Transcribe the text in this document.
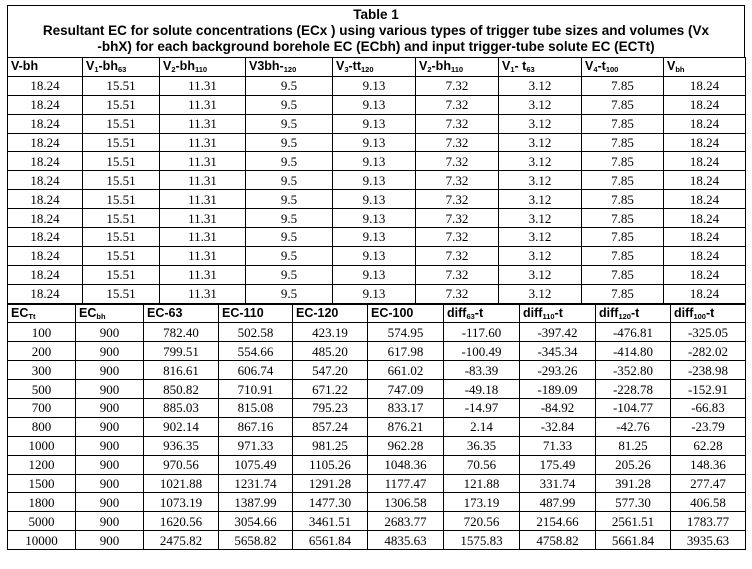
Table 1
Resultant EC for solute concentrations (ECx ) using various types of trigger tube sizes and volumes (Vx
-bhX) for each background borehole EC (ECbh) and input trigger-tube solute EC (ECTt)
V-bh	$V_1-bh_{63}$	$V_2-bh_{110}$	$V3bh-_{120}$	$V_3-tt_{120}$	$V_2-bh_{110}$	$V_1-$ $t_{63}$	$V_4-t_{100}$	$V_{bh}$
18.24	15.51	11.31	9.5	9.13	7.32	3.12	7.85	18.24
18.24	15.51	11.31	9.5	9.13	7.32	3.12	7.85	18.24
18.24	15.51	11.31	9.5	9.13	7.32	3.12	7.85	18.24
18.24	15.51	11.31	9.5	9.13	7.32	3.12	7.85	18.24
18.24	15.51	11.31	9.5	9.13	7.32	3.12	7.85	18.24
18.24	15.51	11.31	9.5	9.13	7.32	3.12	7.85	18.24
18.24	15.51	11.31	9.5	9.13	7.32	3.12	7.85	18.24
18.24	15.51	11.31	9.5	9.13	7.32	3.12	7.85	18.24
18.24	15.51	11.31	9.5	9.13	7.32	3.12	7.85	18.24
18.24	15.51	11.31	9.5	9.13	7.32	3.12	7.85	18.24
18.24	15.51	11.31	9.5	9.13	7.32	3.12	7.85	18.24
18.24	15.51	11.31	9.5	9.13	7.32	3.12	7.85	18.24
$EC_{Tt}$	$EC_{bh}$	EC-63	EC-110	EC-120	EC-100	diff$_{63}$-t	diff$_{110}$-t	diff$_{120}$-t	diff$_{100}$-t
100	900	782.40	502.58	423.19	574.95	-117.60	-397.42	-476.81	-325.05
200	900	799.51	554.66	485.20	617.98	-100.49	-345.34	-414.80	-282.02
300	900	816.61	606.74	547.20	661.02	-83.39	-293.26	-352.80	-238.98
500	900	850.82	710.91	671.22	747.09	-49.18	-189.09	-228.78	-152.91
700	900	885.03	815.08	795.23	833.17	-14.97	-84.92	-104.77	-66.83
800	900	902.14	867.16	857.24	876.21	2.14	-32.84	-42.76	-23.79
1000	900	936.35	971.33	981.25	962.28	36.35	71.33	81.25	62.28
1200	900	970.56	1075.49	1105.26	1048.36	70.56	175.49	205.26	148.36
1500	900	1021.88	1231.74	1291.28	1177.47	121.88	331.74	391.28	277.47
1800	900	1073.19	1387.99	1477.30	1306.58	173.19	487.99	577.30	406.58
5000	900	1620.56	3054.66	3461.51	2683.77	720.56	2154.66	2561.51	1783.77
10000	900	2475.82	5658.82	6561.84	4835.63	1575.83	4758.82	5661.84	3935.63
